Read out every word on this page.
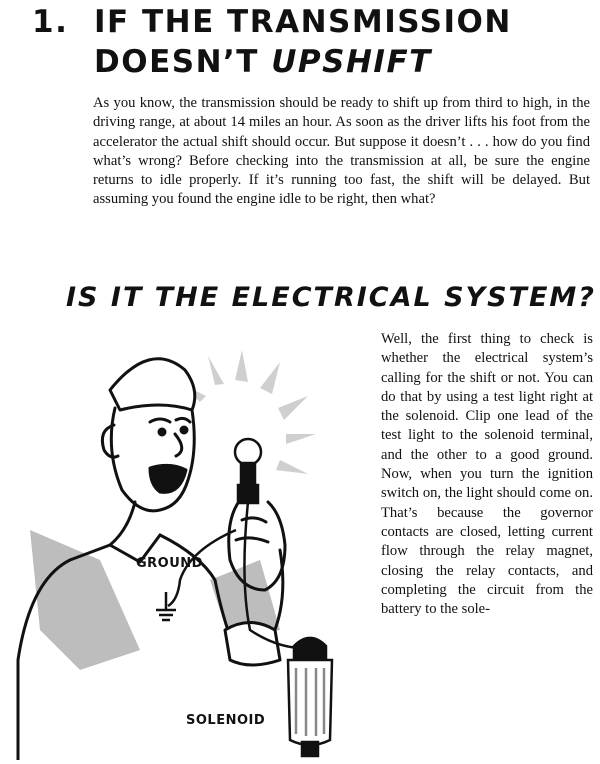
1. IF THE TRANSMISSION
DOESN’T UPSHIFT

As you know, the transmission should be ready to shift up from third to high, in the driving range, at about 14 miles an hour. As soon as the driver lifts his foot from the accelerator the actual shift should occur. But suppose it doesn’t . . . how do you find what’s wrong? Before checking into the transmission at all, be sure the engine returns to idle properly. If it’s running too fast, the shift will be delayed. But assuming you found the engine idle to be right, then what?

IS IT THE ELECTRICAL SYSTEM?
GROUND
SOLENOID

Well, the first thing to check is whether the electrical system’s calling for the shift or not. You can do that by using a test light right at the solenoid. Clip one lead of the test light to the solenoid terminal, and the other to a good ground. Now, when you turn the ignition switch on, the light should come on. That’s because the governor contacts are closed, letting current flow through the relay magnet, closing the relay contacts, and completing the circuit from the battery to the sole-
